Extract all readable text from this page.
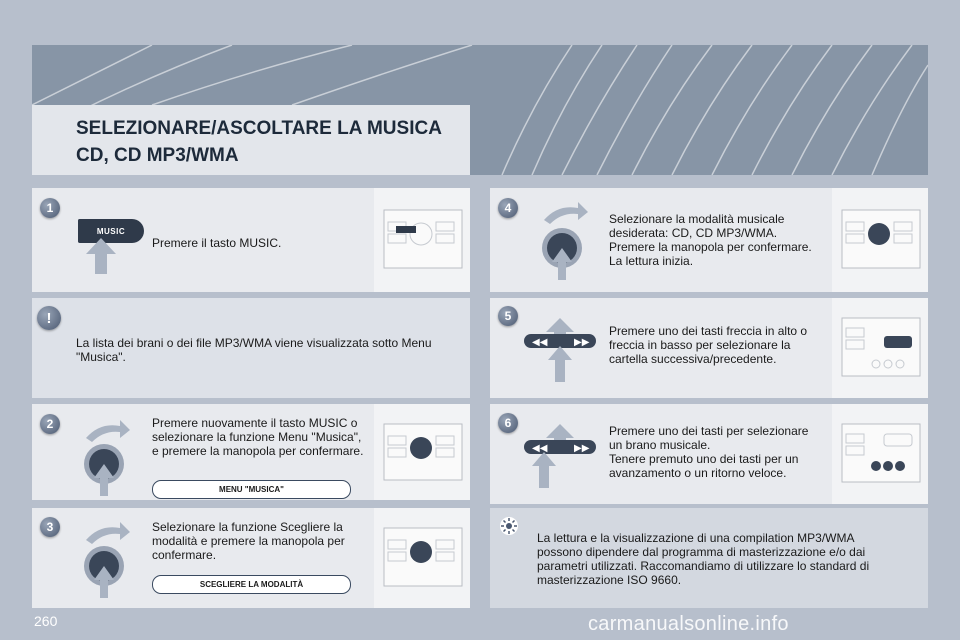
SELEZIONARE/ASCOLTARE LA MUSICA
CD, CD MP3/WMA
1
MUSIC
Premere il tasto MUSIC.
!
La lista dei brani o dei file MP3/WMA viene visualizzata sotto Menu "Musica".
2	Premere nuovamente il tasto MUSIC o selezionare la funzione Menu "Musica", e premere la manopola per confermare.
MENU "MUSICA"
3	Selezionare la funzione Scegliere la modalità e premere la manopola per confermare.
SCEGLIERE LA MODALITÀ
4
Selezionare la modalità musicale desiderata: CD, CD MP3/WMA.
Premere la manopola per confermare. La lettura inizia.
5
◀◀	▶▶
Premere uno dei tasti freccia in alto o freccia in basso per selezionare la cartella successiva/precedente.
6
◀◀	▶▶
Premere uno dei tasti per selezionare un brano musicale.
Tenere premuto uno dei tasti per un avanzamento o un ritorno veloce.
La lettura e la visualizzazione di una compilation MP3/WMA possono dipendere dal programma di masterizzazione e/o dai parametri utilizzati. Raccomandiamo di utilizzare lo standard di masterizzazione ISO 9660.
260	carmanualsonline.info
